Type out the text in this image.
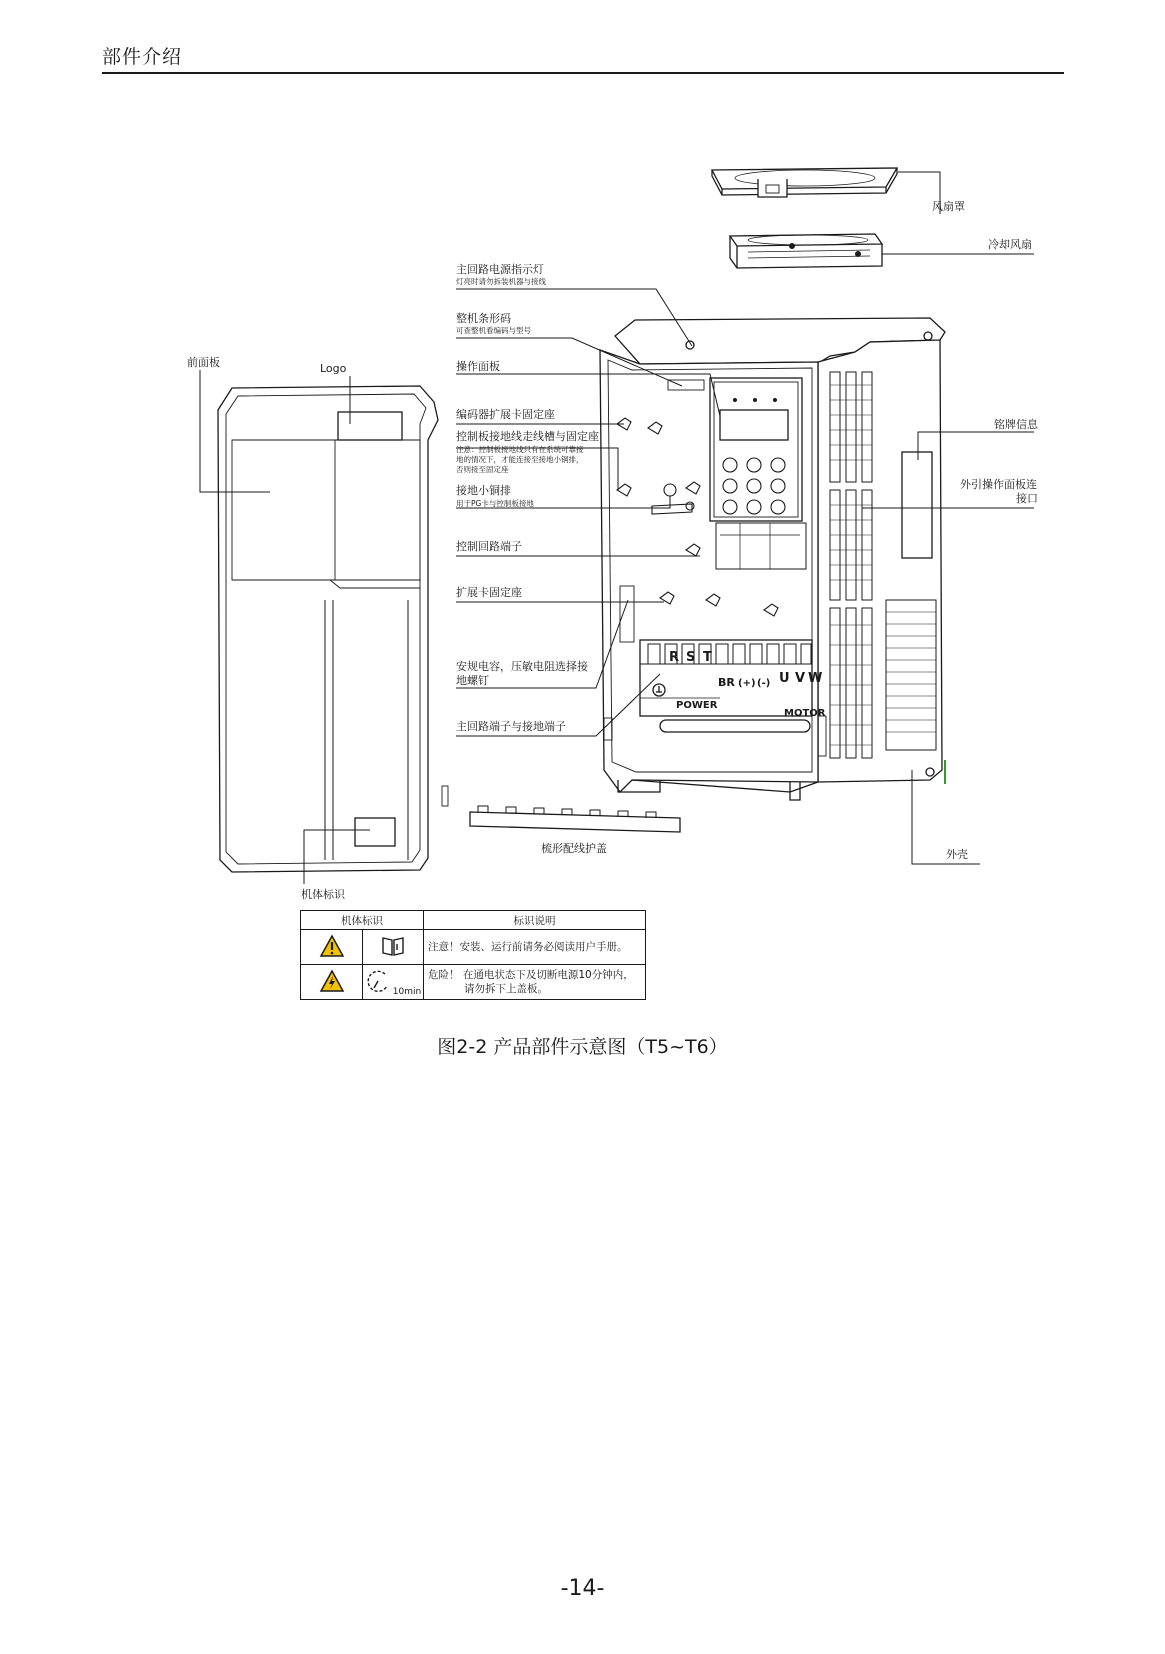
部件介绍
R S T
BR (+) (-) U V W
POWER
MOTOR
风扇罩
冷却风扇
主回路电源指示灯
灯亮时请勿拆装机器与接线
整机条形码
可查整机看编码与型号
操作面板
编码器扩展卡固定座
控制板接地线走线槽与固定座
注意：控制板接地线只有在系统可靠接
地的情况下，才能连接至接地小铜排，
否则接至固定座
接地小铜排
用于PG卡与控制板接地
控制回路端子
扩展卡固定座
安规电容，压敏电阻选择接
地螺钉
主回路端子与接地端子
前面板	Logo
机体标识
梳形配线护盖
铭牌信息
外引操作面板连
接口
外壳
机体标识		标识说明
		注意！安装、运行前请务必阅读用户手册。
	10min	危险！ 在通电状态下及切断电源10分钟内，
请勿拆下上盖板。
图2-2 产品部件示意图（T5~T6）
-14-
